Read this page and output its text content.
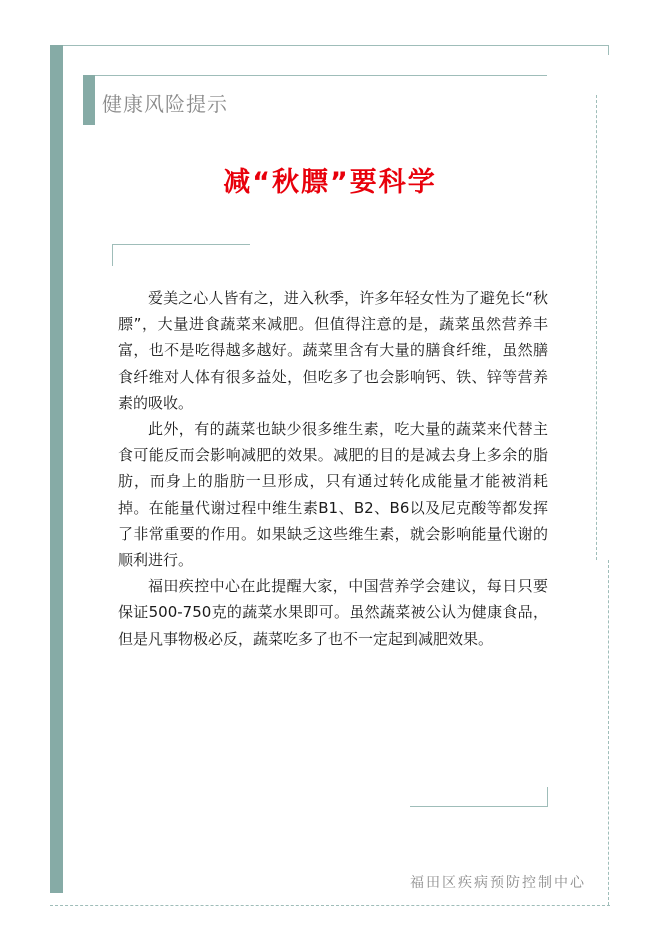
健康风险提示
减“秋膘”要科学

爱美之心人皆有之，进入秋季，许多年轻女性为了避免长“秋膘”，大量进食蔬菜来减肥。但值得注意的是，蔬菜虽然营养丰富，也不是吃得越多越好。蔬菜里含有大量的膳食纤维，虽然膳食纤维对人体有很多益处，但吃多了也会影响钙、铁、锌等营养素的吸收。

此外，有的蔬菜也缺少很多维生素，吃大量的蔬菜来代替主食可能反而会影响减肥的效果。减肥的目的是减去身上多余的脂肪，而身上的脂肪一旦形成，只有通过转化成能量才能被消耗掉。在能量代谢过程中维生素B1、B2、B6以及尼克酸等都发挥了非常重要的作用。如果缺乏这些维生素，就会影响能量代谢的顺利进行。

福田疾控中心在此提醒大家，中国营养学会建议，每日只要保证500-750克的蔬菜水果即可。虽然蔬菜被公认为健康食品，但是凡事物极必反，蔬菜吃多了也不一定起到减肥效果。

福田区疾病预防控制中心
